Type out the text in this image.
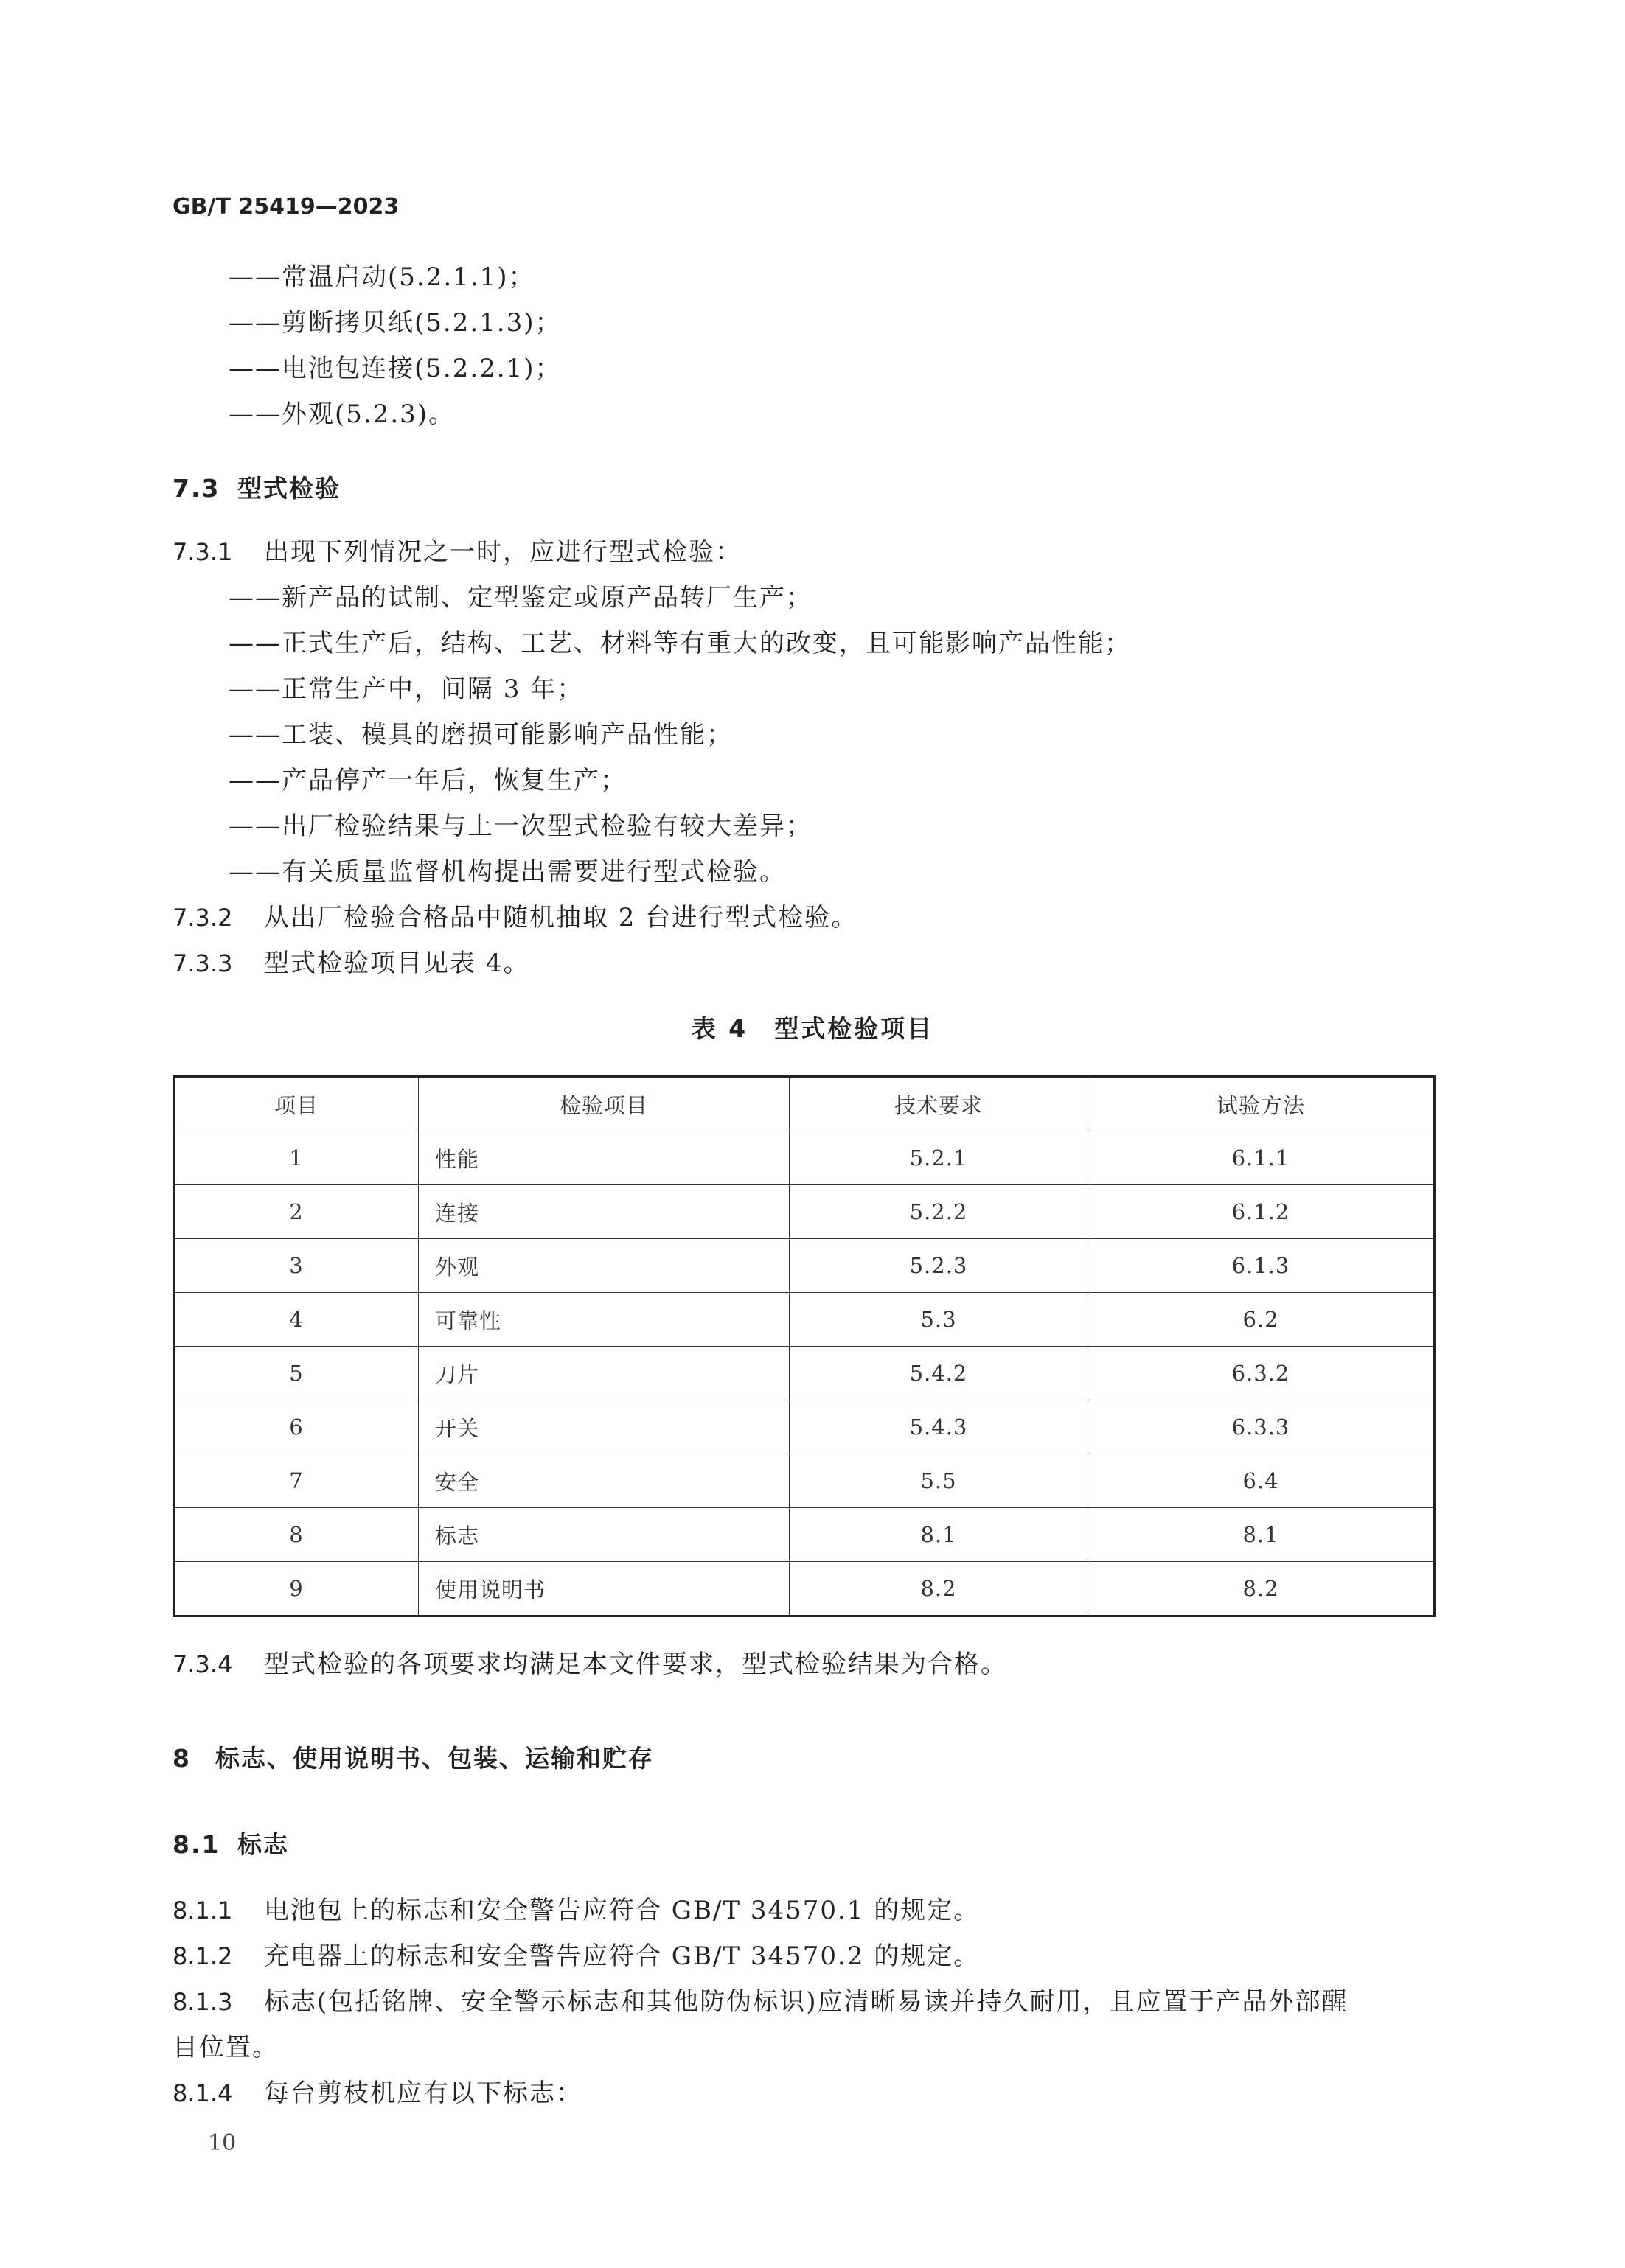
GB/T 25419—2023
——常温启动(5.2.1.1)；
——剪断拷贝纸(5.2.1.3)；
——电池包连接(5.2.2.1)；
——外观(5.2.3)。
7.3 型式检验
7.3.1 出现下列情况之一时，应进行型式检验：
——新产品的试制、定型鉴定或原产品转厂生产；
——正式生产后，结构、工艺、材料等有重大的改变，且可能影响产品性能；
——正常生产中，间隔 3 年；
——工装、模具的磨损可能影响产品性能；
——产品停产一年后，恢复生产；
——出厂检验结果与上一次型式检验有较大差异；
——有关质量监督机构提出需要进行型式检验。
7.3.2 从出厂检验合格品中随机抽取 2 台进行型式检验。
7.3.3 型式检验项目见表 4。
表 4　型式检验项目
项目	检验项目	技术要求	试验方法
1	性能	5.2.1	6.1.1
2	连接	5.2.2	6.1.2
3	外观	5.2.3	6.1.3
4	可靠性	5.3	6.2
5	刀片	5.4.2	6.3.2
6	开关	5.4.3	6.3.3
7	安全	5.5	6.4
8	标志	8.1	8.1
9	使用说明书	8.2	8.2
7.3.4 型式检验的各项要求均满足本文件要求，型式检验结果为合格。
8 标志、使用说明书、包装、运输和贮存
8.1 标志
8.1.1 电池包上的标志和安全警告应符合 GB/T 34570.1 的规定。
8.1.2 充电器上的标志和安全警告应符合 GB/T 34570.2 的规定。
8.1.3 标志(包括铭牌、安全警示标志和其他防伪标识)应清晰易读并持久耐用，且应置于产品外部醒
目位置。
8.1.4 每台剪枝机应有以下标志：
10
